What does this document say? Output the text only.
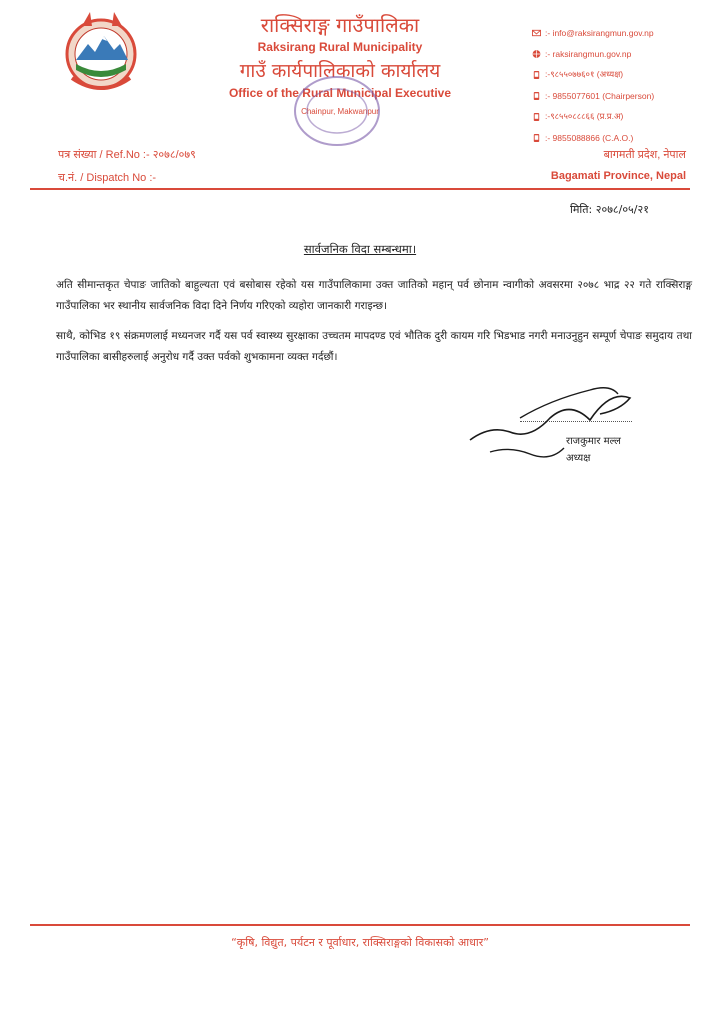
राक्सिराङ्ग गाउँपालिका
Raksirang Rural Municipality
गाउँ कार्यपालिकाको कार्यालय
Office of the Rural Municipal Executive
Chainpur, Makwanpur
:- info@raksirangmun.gov.np
:- raksirangmun.gov.np
:-९८५५०७७६०१ (अध्यक्ष)
:- 9855077601 (Chairperson)
:-९८५५०८८८६६ (प्र.प्र.अ)
:- 9855088866 (C.A.O.)
पत्र संख्या / Ref.No :- २०७८/०७९
च.नं. / Dispatch No :-
बागमती प्रदेश, नेपाल
Bagamati Province, Nepal
मिति: २०७८/०५/२१
सार्वजनिक विदा सम्बन्धमा।
अति सीमान्तकृत चेपाङ जातिको बाहुल्यता एवं बसोबास रहेको यस गाउँपालिकामा उक्त जातिको महान् पर्व छोनाम न्वागीको अवसरमा २०७८ भाद्र २२ गते राक्सिराङ्ग गाउँपालिका भर स्थानीय सार्वजनिक विदा दिने निर्णय गरिएको व्यहोरा जानकारी गराइन्छ।
साथै, कोभिड १९ संक्रमणलाई मध्यनजर गर्दै यस पर्व स्वास्थ्य सुरक्षाका उच्चतम मापदण्ड एवं भौतिक दुरी कायम गरि भिडभाड नगरी मनाउनुहुन सम्पूर्ण चेपाङ समुदाय तथा गाउँपालिका बासीहरुलाई अनुरोध गर्दै उक्त पर्वको शुभकामना व्यक्त गर्दछौं।
राजकुमार मल्ल
अध्यक्ष
“कृषि, विद्युत, पर्यटन र पूर्वाधार, राक्सिराङ्गको विकासको आधार”
